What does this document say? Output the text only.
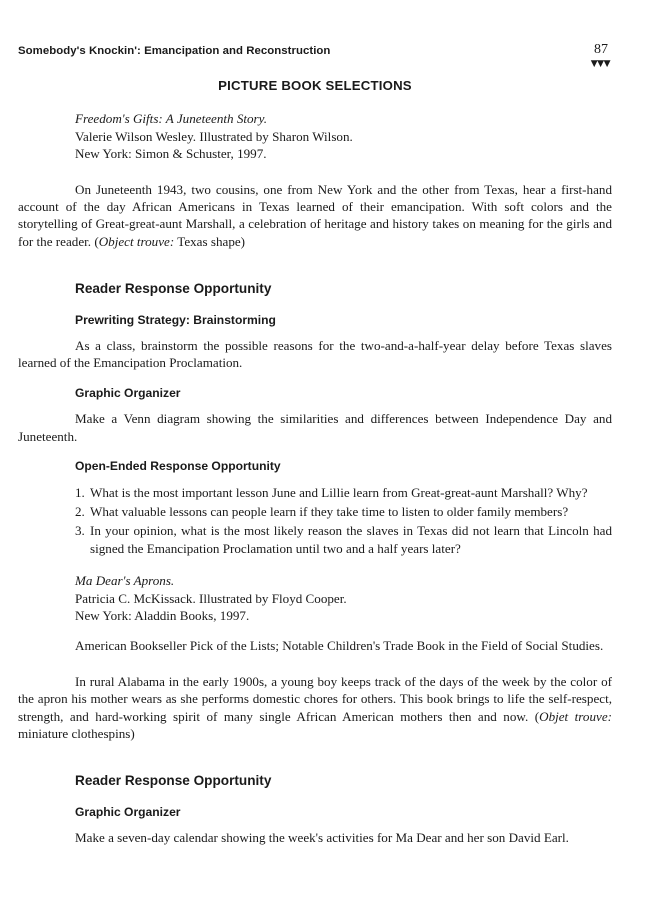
Somebody's Knockin': Emancipation and Reconstruction	87
▼▼▼
PICTURE BOOK SELECTIONS
Freedom's Gifts: A Juneteenth Story.
Valerie Wilson Wesley. Illustrated by Sharon Wilson.
New York: Simon & Schuster, 1997.

On Juneteenth 1943, two cousins, one from New York and the other from Texas, hear a first-hand account of the day African Americans in Texas learned of their emancipation. With soft colors and the storytelling of Great-great-aunt Marshall, a celebration of heritage and history takes on meaning for the girls and for the reader. (Object trouve: Texas shape)

Reader Response Opportunity
Prewriting Strategy: Brainstorming

As a class, brainstorm the possible reasons for the two-and-a-half-year delay before Texas slaves learned of the Emancipation Proclamation.

Graphic Organizer

Make a Venn diagram showing the similarities and differences between Independence Day and Juneteenth.

Open-Ended Response Opportunity
1. What is the most important lesson June and Lillie learn from Great-great-aunt Marshall? Why?
2. What valuable lessons can people learn if they take time to listen to older family members?
3. In your opinion, what is the most likely reason the slaves in Texas did not learn that Lincoln had signed the Emancipation Proclamation until two and a half years later?
Ma Dear's Aprons.
Patricia C. McKissack. Illustrated by Floyd Cooper.
New York: Aladdin Books, 1997.

American Bookseller Pick of the Lists; Notable Children's Trade Book in the Field of Social Studies.

In rural Alabama in the early 1900s, a young boy keeps track of the days of the week by the color of the apron his mother wears as she performs domestic chores for others. This book brings to life the self-respect, strength, and hard-working spirit of many single African American mothers then and now. (Objet trouve: miniature clothespins)

Reader Response Opportunity
Graphic Organizer

Make a seven-day calendar showing the week's activities for Ma Dear and her son David Earl.
